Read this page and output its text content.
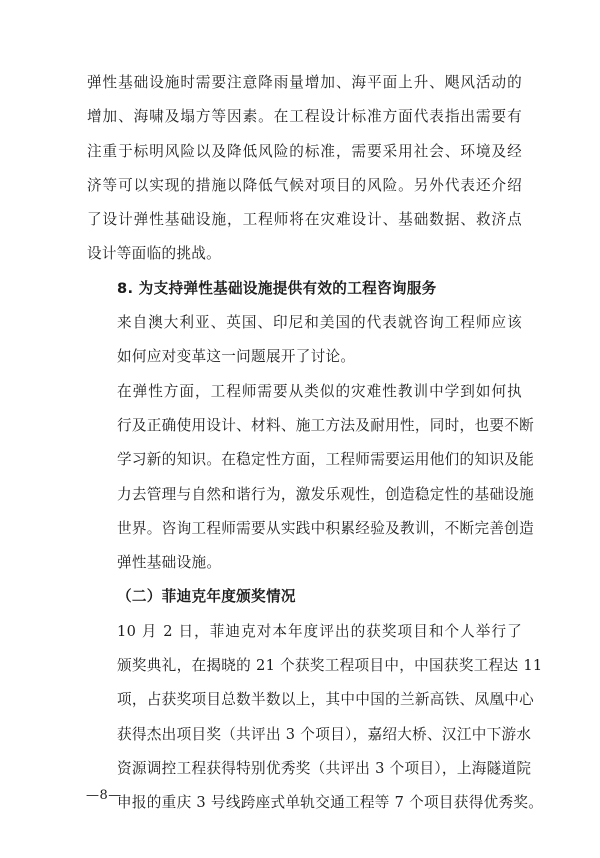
弹性基础设施时需要注意降雨量增加、海平面上升、飓风活动的
增加、海啸及塌方等因素。在工程设计标准方面代表指出需要有
注重于标明风险以及降低风险的标准，需要采用社会、环境及经
济等可以实现的措施以降低气候对项目的风险。另外代表还介绍
了设计弹性基础设施，工程师将在灾难设计、基础数据、救济点
设计等面临的挑战。
8. 为支持弹性基础设施提供有效的工程咨询服务
来自澳大利亚、英国、印尼和美国的代表就咨询工程师应该
如何应对变革这一问题展开了讨论。
在弹性方面，工程师需要从类似的灾难性教训中学到如何执
行及正确使用设计、材料、施工方法及耐用性，同时，也要不断
学习新的知识。在稳定性方面，工程师需要运用他们的知识及能
力去管理与自然和谐行为，激发乐观性，创造稳定性的基础设施
世界。咨询工程师需要从实践中积累经验及教训，不断完善创造
弹性基础设施。
（二）菲迪克年度颁奖情况
10 月 2 日，菲迪克对本年度评出的获奖项目和个人举行了
颁奖典礼，在揭晓的 21 个获奖工程项目中，中国获奖工程达 11
项，占获奖项目总数半数以上，其中中国的兰新高铁、凤凰中心
获得杰出项目奖（共评出 3 个项目），嘉绍大桥、汉江中下游水
资源调控工程获得特别优秀奖（共评出 3 个项目），上海隧道院
申报的重庆 3 号线跨座式单轨交通工程等 7 个项目获得优秀奖。
—8—
